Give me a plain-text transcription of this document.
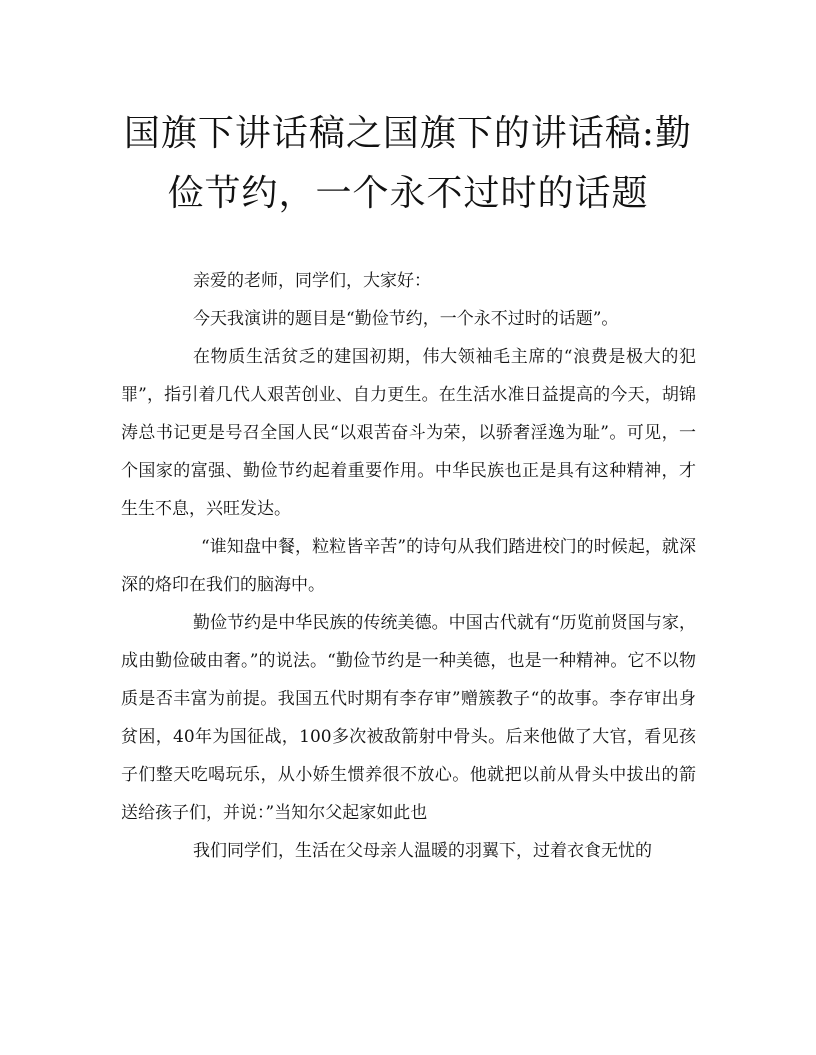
国旗下讲话稿之国旗下的讲话稿:勤俭节约，一个永不过时的话题

亲爱的老师，同学们，大家好：

今天我演讲的题目是“勤俭节约，一个永不过时的话题”。

在物质生活贫乏的建国初期，伟大领袖毛主席的“浪费是极大的犯罪”，指引着几代人艰苦创业、自力更生。在生活水准日益提高的今天，胡锦涛总书记更是号召全国人民“以艰苦奋斗为荣，以骄奢淫逸为耻”。可见，一个国家的富强、勤俭节约起着重要作用。中华民族也正是具有这种精神，才生生不息，兴旺发达。

“谁知盘中餐，粒粒皆辛苦”的诗句从我们踏进校门的时候起，就深深的烙印在我们的脑海中。

勤俭节约是中华民族的传统美德。中国古代就有“历览前贤国与家，成由勤俭破由奢。”的说法。“勤俭节约是一种美德，也是一种精神。它不以物质是否丰富为前提。我国五代时期有李存审”赠簇教子“的故事。李存审出身贫困，40年为国征战，100多次被敌箭射中骨头。后来他做了大官，看见孩子们整天吃喝玩乐，从小娇生惯养很不放心。他就把以前从骨头中拔出的箭送给孩子们，并说：”当知尔父起家如此也

我们同学们，生活在父母亲人温暖的羽翼下，过着衣食无忧的
